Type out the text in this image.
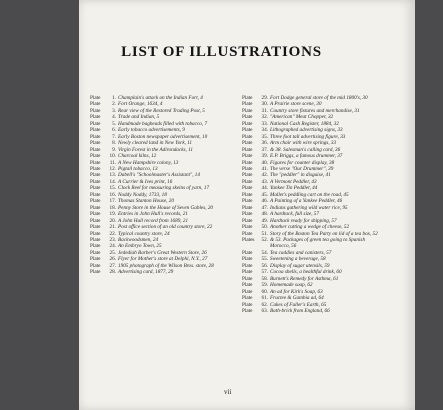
LIST OF ILLUSTRATIONS
Plate	1. Champlain's attack on the Indian Fort, 4
Plate	2. Fort Orange, 1634, 4
Plate	3. Rear view of the Restored Trading Post, 5
Plate	4. Trade and Indian, 5
Plate	5. Handmade bagheads filled with tobacco, 7
Plate	6. Early tobacco advertisements, 9
Plate	7. Early Boston newspaper advertisement, 10
Plate	8. Newly cleared land in New York, 11
Plate	9. Virgin Forest in the Adirondacks, 11
Plate	10. Charcoal kilns, 12
Plate	11. A New Hampshire colony, 13
Plate	12. Pigtail tobacco, 13
Plate	13. Dabell's "Schoolmaster's Assistant", 14
Plate	14. A Currier & Ives print, 16
Plate	15. Clock Reel for measuring skeins of yarn, 17
Plate	16. Noddy Noddy, 1733, 18
Plate	17. Thomas Stanton House, 20
Plate	18. Penny Store in the House of Seven Gables, 20
Plate	19. Entries in John Hull's records, 21
Plate	20. A John Hull record from 1689, 21
Plate	21. Post office section of an old country store, 22
Plate	22. Typical country store, 24
Plate	23. Backwoodsmen, 24
Plate	24. An Embryo Town, 25
Plate	25. Jedediah Barber's Great Western Store, 26
Plate	26. Flyer for Mother's store at Delphi, N.Y., 27
Plate	27. 1905 photograph of the Wilson Bros. store, 28
Plate	28. Advertising card, 1877, 29
Plate	29. Fort Dodge general store of the mid 1800's, 30
Plate	30. A Prairie store scene, 30
Plate	31. Country store fixtures and merchandise, 31
Plate	32. "American" Meat Chopper, 32
Plate	33. National Cash Register, 1884, 32
Plate	34. Lithographed advertising signs, 33
Plate	35. Three foot tall advertising figure, 33
Plate	36. Arm chair with wire springs, 33
Plate	37. & 38. Salesman's calling card, 36
Plate	39. E.P. Briggs, a famous drummer, 37
Plate	40. Figures for counter display, 38
Plate	41. The verse "Our Drummer", 39
Plate	42. The "peddler" in disguise, 41
Plate	43. A Vermont Peddler, 43
Plate	44. Yankee Tin Peddler, 44
Plate	45. Mallet's peddling cart on the road, 45
Plate	46. A Painting of a Yankee Peddler, 46
Plate	47. Indians gathering wild water rice, 95
Plate	48. A hardtack, full size, 57
Plate	49. Hardtack ready for shipping, 57
Plate	50. Another cutting a wedge of cheese, 52
Plate	51. Story of the Boston Tea Party on lid of a tea box, 52
Plates	52. & 53. Packages of green tea going to Spanish Morocco, 56
Plate	54. Tea caddies and canisters, 57
Plate	55. Sweetening a beverage, 58
Plate	56. Display of sugar utensils, 59
Plate	57. Cocoa shells, a healthful drink, 60
Plate	58. Burnett's Remedy for Asthma, 61
Plate	59. Homemade soap, 62
Plate	60. An ad for Kirk's Soap, 63
Plate	61. Fructee & Gambia ad, 64
Plate	62. Cakes of Fuller's Earth, 65
Plate	63. Bath-brick from England, 66
vii
